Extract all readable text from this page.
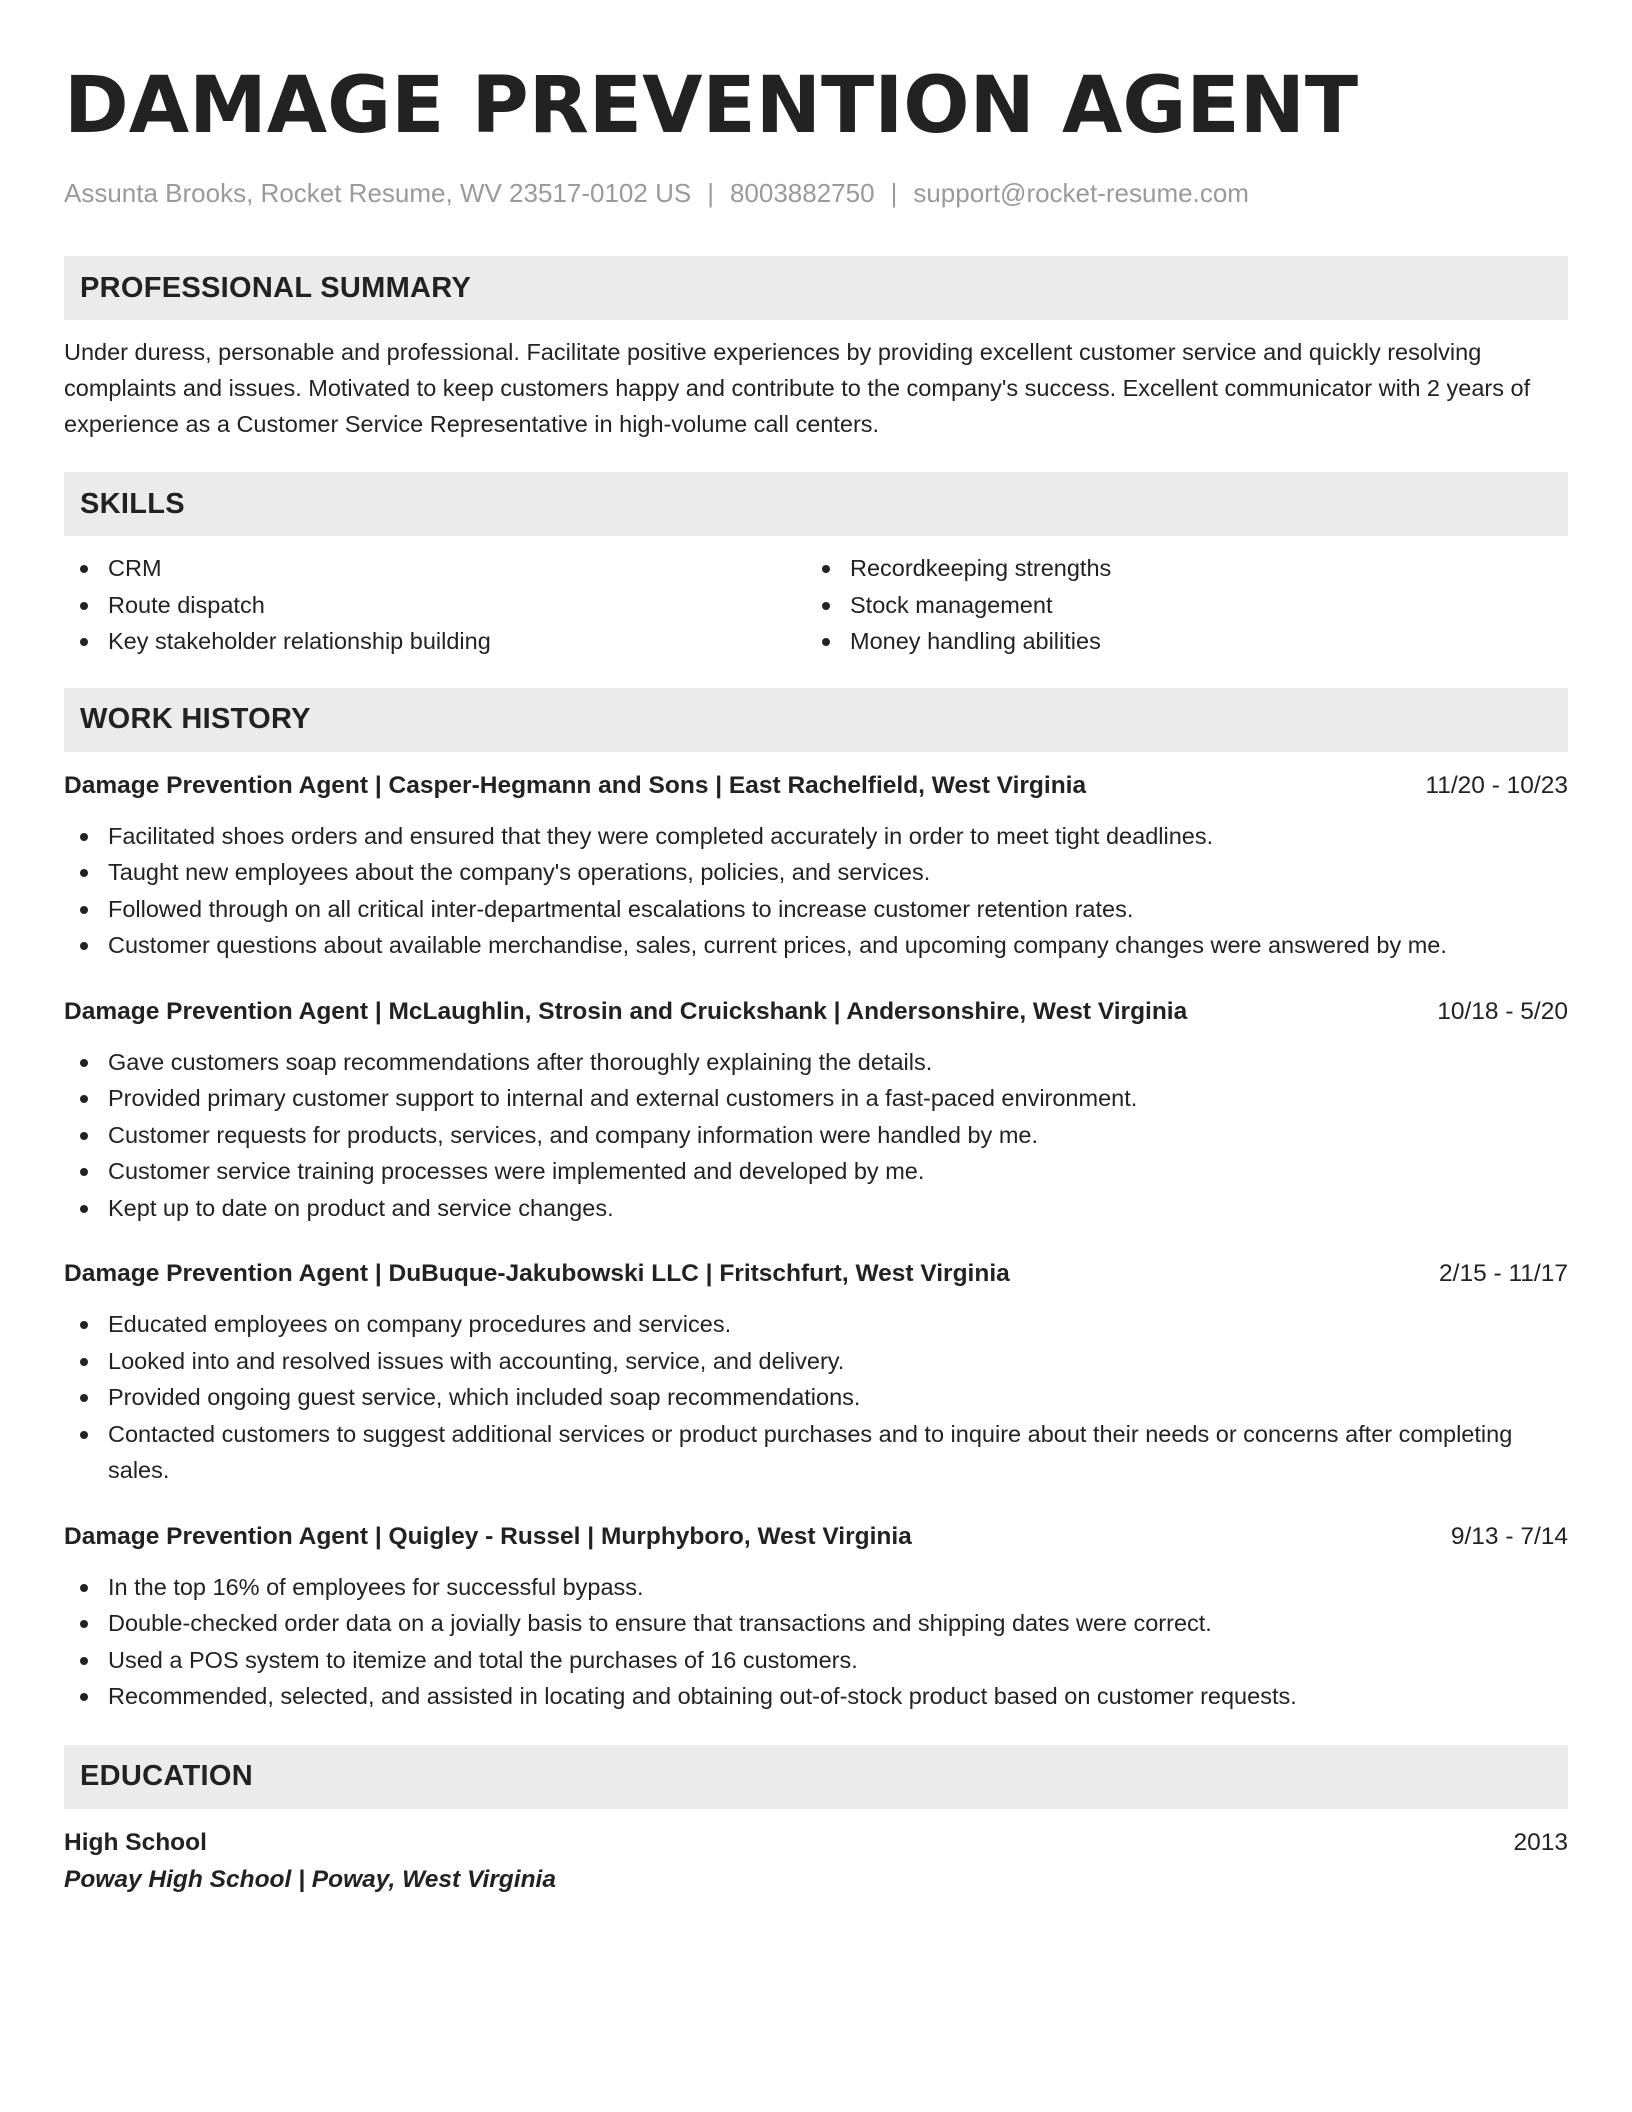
DAMAGE PREVENTION AGENT
Assunta Brooks, Rocket Resume, WV 23517-0102 US | 8003882750 | support@rocket-resume.com
PROFESSIONAL SUMMARY
Under duress, personable and professional. Facilitate positive experiences by providing excellent customer service and quickly resolving complaints and issues. Motivated to keep customers happy and contribute to the company's success. Excellent communicator with 2 years of experience as a Customer Service Representative in high-volume call centers.
SKILLS
CRM
Route dispatch
Key stakeholder relationship building
Recordkeeping strengths
Stock management
Money handling abilities
WORK HISTORY
Damage Prevention Agent | Casper-Hegmann and Sons | East Rachelfield, West Virginia	11/20 - 10/23
Facilitated shoes orders and ensured that they were completed accurately in order to meet tight deadlines.
Taught new employees about the company's operations, policies, and services.
Followed through on all critical inter-departmental escalations to increase customer retention rates.
Customer questions about available merchandise, sales, current prices, and upcoming company changes were answered by me.
Damage Prevention Agent | McLaughlin, Strosin and Cruickshank | Andersonshire, West Virginia	10/18 - 5/20
Gave customers soap recommendations after thoroughly explaining the details.
Provided primary customer support to internal and external customers in a fast-paced environment.
Customer requests for products, services, and company information were handled by me.
Customer service training processes were implemented and developed by me.
Kept up to date on product and service changes.
Damage Prevention Agent | DuBuque-Jakubowski LLC | Fritschfurt, West Virginia	2/15 - 11/17
Educated employees on company procedures and services.
Looked into and resolved issues with accounting, service, and delivery.
Provided ongoing guest service, which included soap recommendations.
Contacted customers to suggest additional services or product purchases and to inquire about their needs or concerns after completing sales.
Damage Prevention Agent | Quigley - Russel | Murphyboro, West Virginia	9/13 - 7/14
In the top 16% of employees for successful bypass.
Double-checked order data on a jovially basis to ensure that transactions and shipping dates were correct.
Used a POS system to itemize and total the purchases of 16 customers.
Recommended, selected, and assisted in locating and obtaining out-of-stock product based on customer requests.
EDUCATION
High School	2013
Poway High School | Poway, West Virginia
